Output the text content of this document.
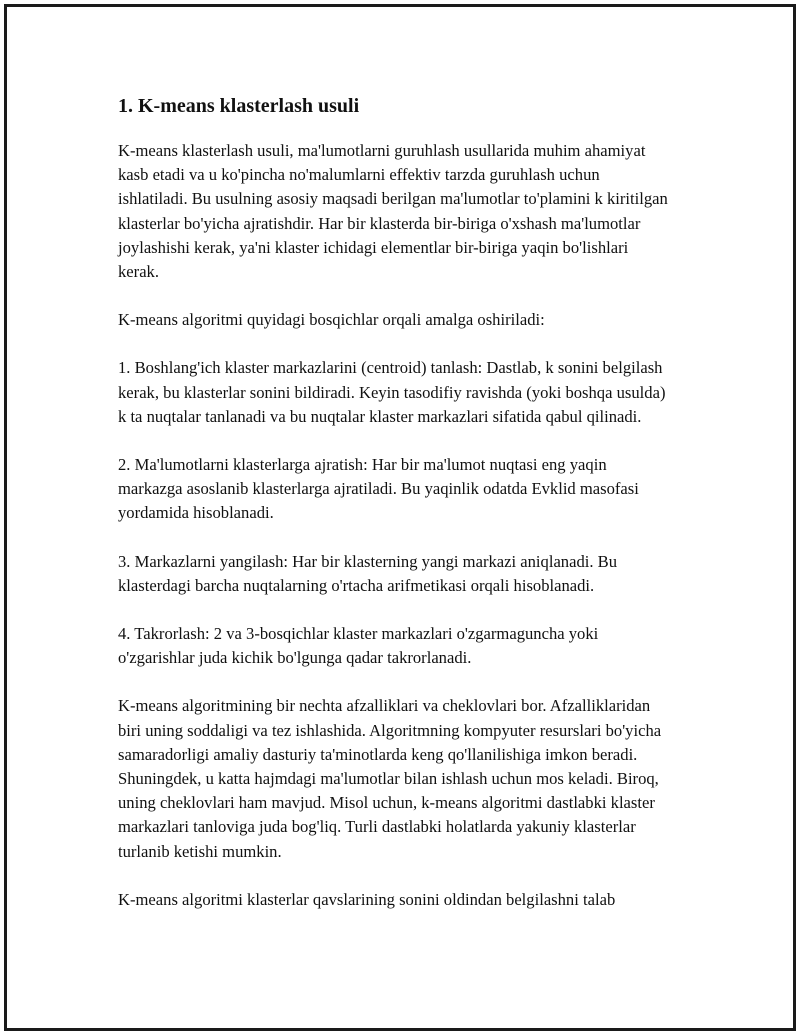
1. K-means klasterlash usuli

K-means klasterlash usuli, ma'lumotlarni guruhlash usullarida muhim ahamiyat kasb etadi va u ko'pincha no'malumlarni effektiv tarzda guruhlash uchun ishlatiladi. Bu usulning asosiy maqsadi berilgan ma'lumotlar to'plamini k kiritilgan klasterlar bo'yicha ajratishdir. Har bir klasterda bir-biriga o'xshash ma'lumotlar joylashishi kerak, ya'ni klaster ichidagi elementlar bir-biriga yaqin bo'lishlari kerak.

K-means algoritmi quyidagi bosqichlar orqali amalga oshiriladi:

1. Boshlang'ich klaster markazlarini (centroid) tanlash: Dastlab, k sonini belgilash kerak, bu klasterlar sonini bildiradi. Keyin tasodifiy ravishda (yoki boshqa usulda) k ta nuqtalar tanlanadi va bu nuqtalar klaster markazlari sifatida qabul qilinadi.

2. Ma'lumotlarni klasterlarga ajratish: Har bir ma'lumot nuqtasi eng yaqin markazga asoslanib klasterlarga ajratiladi. Bu yaqinlik odatda Evklid masofasi yordamida hisoblanadi.

3. Markazlarni yangilash: Har bir klasterning yangi markazi aniqlanadi. Bu klasterdagi barcha nuqtalarning o'rtacha arifmetikasi orqali hisoblanadi.

4. Takrorlash: 2 va 3-bosqichlar klaster markazlari o'zgarmaguncha yoki o'zgarishlar juda kichik bo'lgunga qadar takrorlanadi.

K-means algoritmining bir nechta afzalliklari va cheklovlari bor. Afzalliklaridan biri uning soddaligi va tez ishlashida. Algoritmning kompyuter resurslari bo'yicha samaradorligi amaliy dasturiy ta'minotlarda keng qo'llanilishiga imkon beradi. Shuningdek, u katta hajmdagi ma'lumotlar bilan ishlash uchun mos keladi. Biroq, uning cheklovlari ham mavjud. Misol uchun, k-means algoritmi dastlabki klaster markazlari tanloviga juda bog'liq. Turli dastlabki holatlarda yakuniy klasterlar turlanib ketishi mumkin.

K-means algoritmi klasterlar qavslarining sonini oldindan belgilashni talab
